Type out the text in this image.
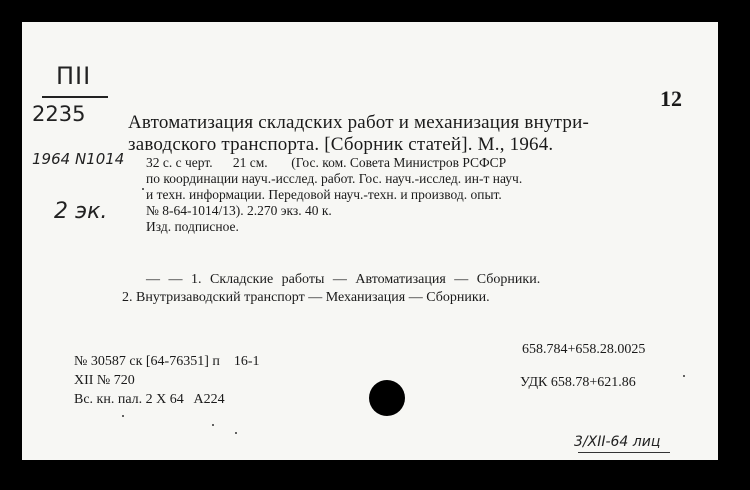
ПII
2235
1964 N1014
2 эк.
12
Автоматизация складских работ и механизация внутри-
заводского транспорта. [Сборник статей]. М., 1964.
32 с. с черт.      21 см.       (Гос. ком. Совета Министров РСФСР
по координации науч.-исслед. работ. Гос. науч.-исслед. ин-т науч.
и техн. информации. Передовой науч.-техн. и производ. опыт.
№ 8-64-1014/13). 2.270 экз. 40 к.
Изд. подписное.
— — 1. Складские работы — Автоматизация — Сборники.
2. Внутризаводский транспорт — Механизация — Сборники.
№ 30587 ск [64-76351] п    16-1
XII № 720
Вс. кн. пал. 2 X 64   A224
658.784+658.28.0025
УДК 658.78+621.86
3/XII-64 лиц
